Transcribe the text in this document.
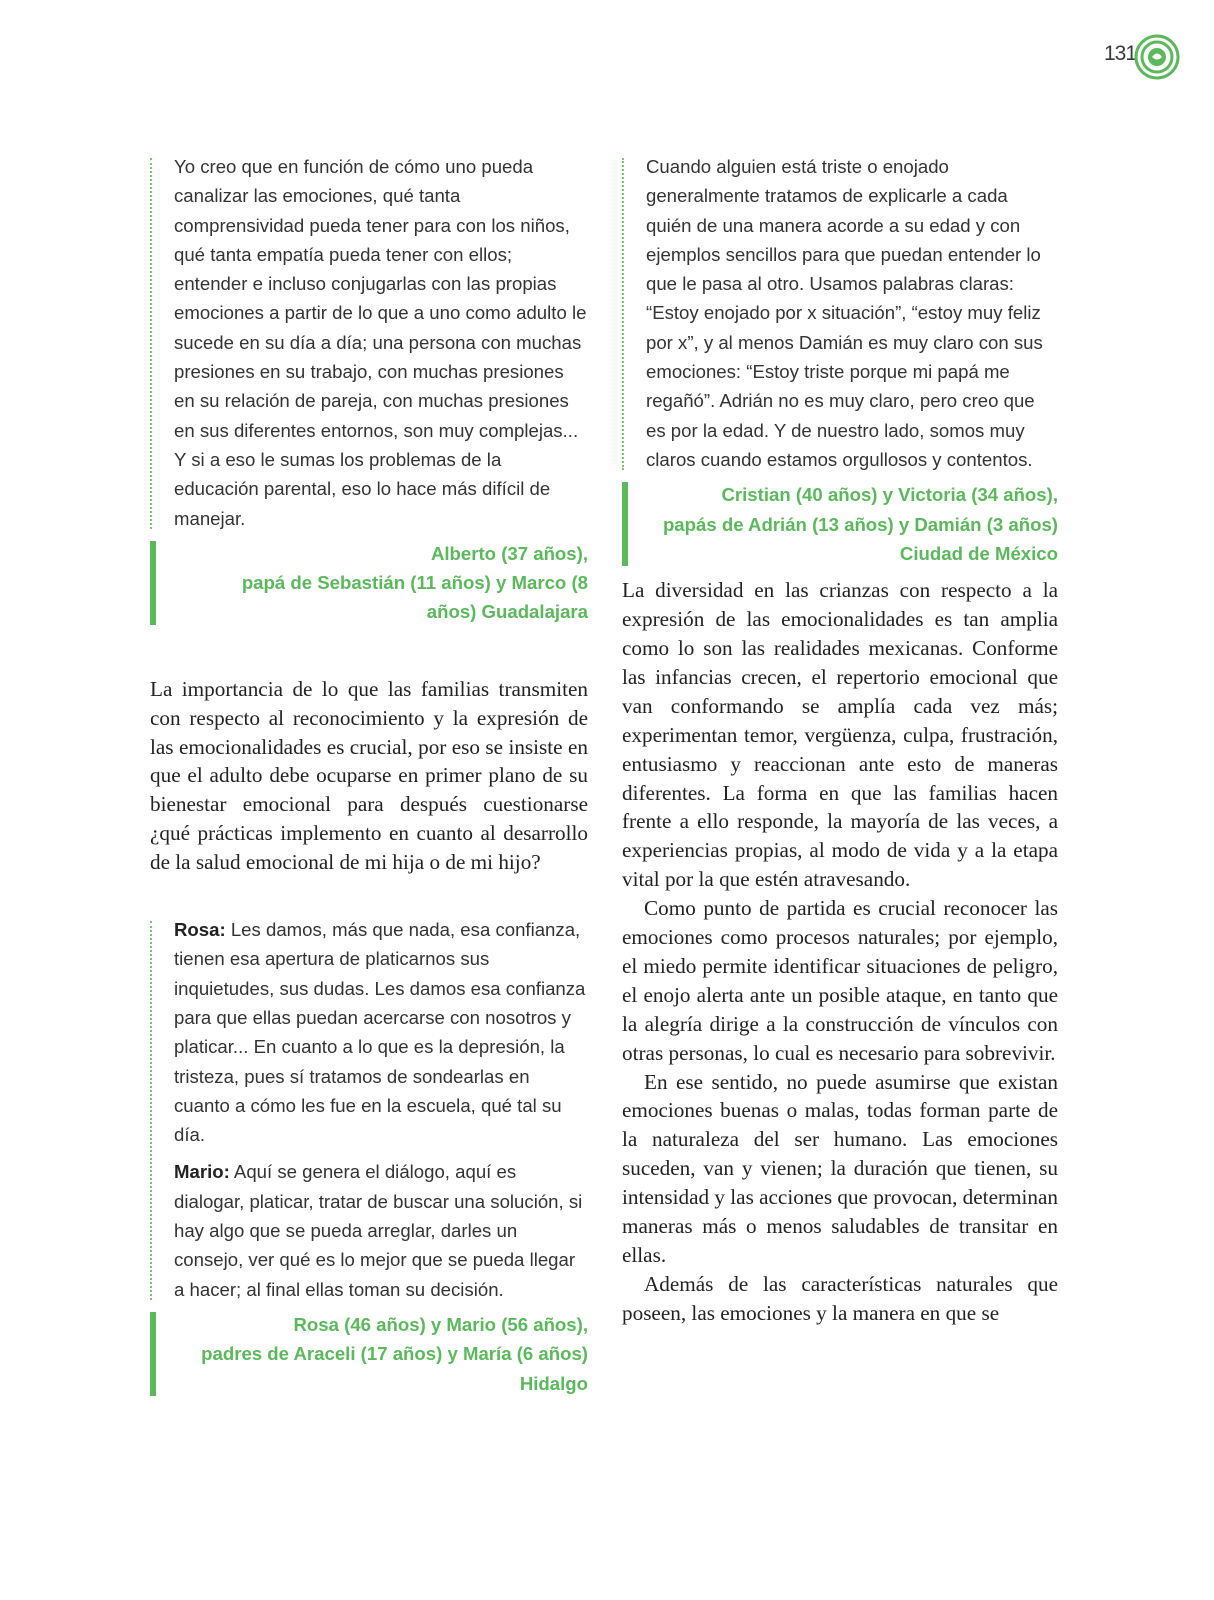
131

Yo creo que en función de cómo uno pueda canalizar las emociones, qué tanta comprensividad pueda tener para con los niños, qué tanta empatía pueda tener con ellos; entender e incluso conjugarlas con las propias emociones a partir de lo que a uno como adulto le sucede en su día a día; una persona con muchas presiones en su trabajo, con muchas presiones en su relación de pareja, con muchas presiones en sus diferentes entornos, son muy complejas... Y si a eso le sumas los problemas de la educación parental, eso lo hace más difícil de manejar.

Alberto (37 años),
papá de Sebastián (11 años) y Marco (8
años) Guadalajara

La importancia de lo que las familias transmiten con respecto al reconocimiento y la expresión de las emocionalidades es crucial, por eso se insiste en que el adulto debe ocuparse en primer plano de su bienestar emocional para después cuestionarse ¿qué prácticas implemento en cuanto al desarrollo de la salud emocional de mi hija o de mi hijo?

Rosa: Les damos, más que nada, esa confianza, tienen esa apertura de platicarnos sus inquietudes, sus dudas. Les damos esa confianza para que ellas puedan acercarse con nosotros y platicar... En cuanto a lo que es la depresión, la tristeza, pues sí tratamos de sondearlas en cuanto a cómo les fue en la escuela, qué tal su día.

Mario: Aquí se genera el diálogo, aquí es dialogar, platicar, tratar de buscar una solución, si hay algo que se pueda arreglar, darles un consejo, ver qué es lo mejor que se pueda llegar a hacer; al final ellas toman su decisión.

Rosa (46 años) y Mario (56 años),
padres de Araceli (17 años) y María (6 años)
Hidalgo

Cuando alguien está triste o enojado generalmente tratamos de explicarle a cada quién de una manera acorde a su edad y con ejemplos sencillos para que puedan entender lo que le pasa al otro. Usamos palabras claras: “Estoy enojado por x situación”, “estoy muy feliz por x”, y al menos Damián es muy claro con sus emociones: “Estoy triste porque mi papá me regañó”. Adrián no es muy claro, pero creo que es por la edad. Y de nuestro lado, somos muy claros cuando estamos orgullosos y contentos.

Cristian (40 años) y Victoria (34 años),
papás de Adrián (13 años) y Damián (3 años)
Ciudad de México

La diversidad en las crianzas con respecto a la expresión de las emocionalidades es tan amplia como lo son las realidades mexicanas. Conforme las infancias crecen, el repertorio emocional que van conformando se amplía cada vez más; experimentan temor, vergüenza, culpa, frustración, entusiasmo y reaccionan ante esto de maneras diferentes. La forma en que las familias hacen frente a ello responde, la mayoría de las veces, a experiencias propias, al modo de vida y a la etapa vital por la que estén atravesando.

Como punto de partida es crucial reconocer las emociones como procesos naturales; por ejemplo, el miedo permite identificar situaciones de peligro, el enojo alerta ante un posible ataque, en tanto que la alegría dirige a la construcción de vínculos con otras personas, lo cual es necesario para sobrevivir.

En ese sentido, no puede asumirse que existan emociones buenas o malas, todas forman parte de la naturaleza del ser humano. Las emociones suceden, van y vienen; la duración que tienen, su intensidad y las acciones que provocan, determinan maneras más o menos saludables de transitar en ellas.

Además de las características naturales que poseen, las emociones y la manera en que se
